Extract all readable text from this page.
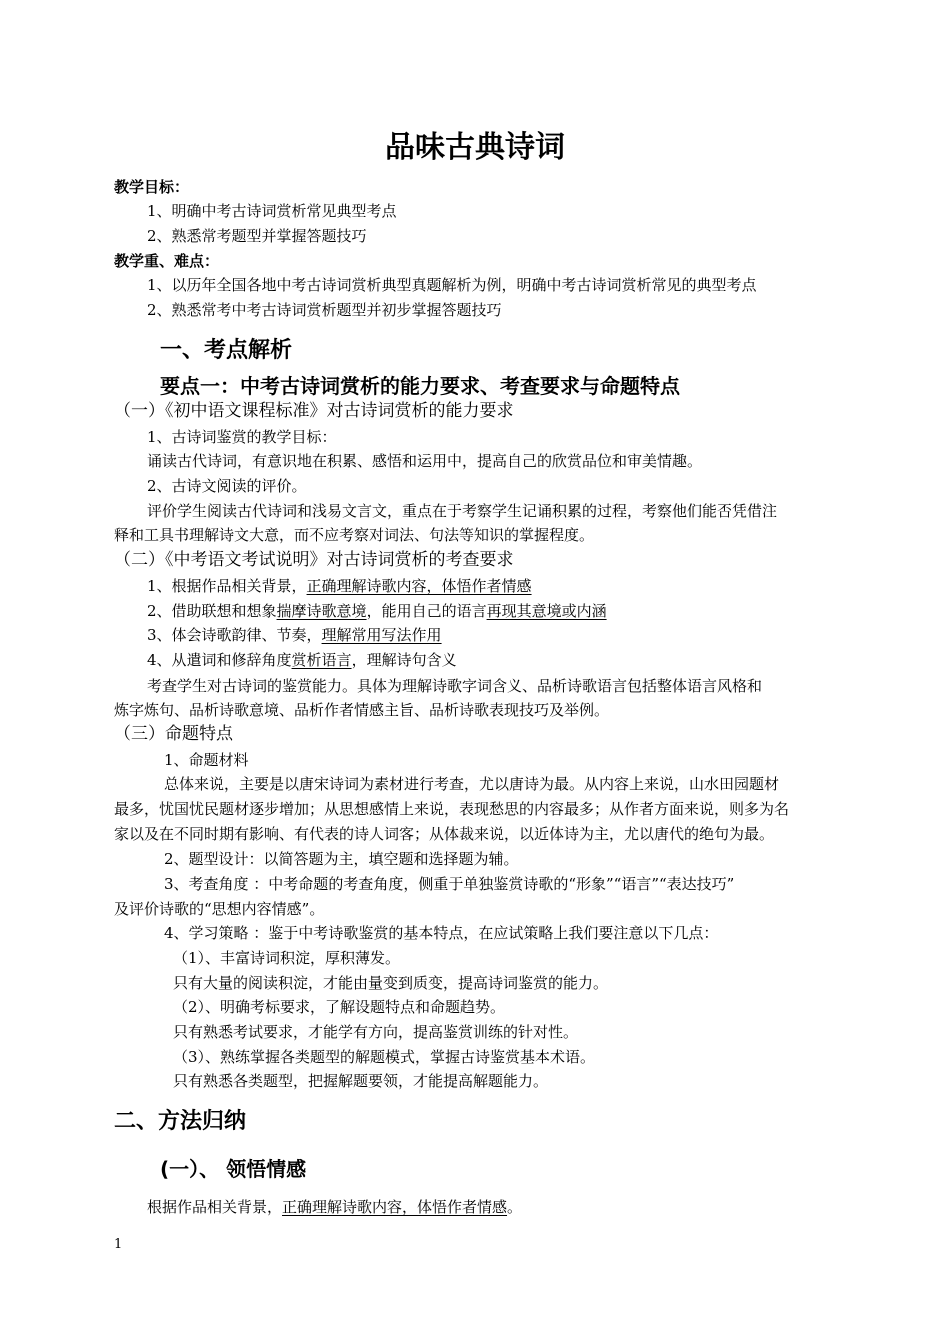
品味古典诗词
教学目标：
1、明确中考古诗词赏析常见典型考点
2、熟悉常考题型并掌握答题技巧
教学重、难点：
1、以历年全国各地中考古诗词赏析典型真题解析为例，明确中考古诗词赏析常见的典型考点
2、熟悉常考中考古诗词赏析题型并初步掌握答题技巧
一、考点解析
要点一：中考古诗词赏析的能力要求、考查要求与命题特点
（一）《初中语文课程标准》对古诗词赏析的能力要求
1、古诗词鉴赏的教学目标：
诵读古代诗词，有意识地在积累、感悟和运用中，提高自己的欣赏品位和审美情趣。
2、古诗文阅读的评价。
评价学生阅读古代诗词和浅易文言文，重点在于考察学生记诵积累的过程，考察他们能否凭借注
释和工具书理解诗文大意，而不应考察对词法、句法等知识的掌握程度。
（二）《中考语文考试说明》对古诗词赏析的考查要求
1、根据作品相关背景，正确理解诗歌内容，体悟作者情感
2、借助联想和想象揣摩诗歌意境，能用自己的语言再现其意境或内涵
3、体会诗歌韵律、节奏，理解常用写法作用
4、从遣词和修辞角度赏析语言，理解诗句含义
考查学生对古诗词的鉴赏能力。具体为理解诗歌字词含义、品析诗歌语言包括整体语言风格和
炼字炼句、品析诗歌意境、品析作者情感主旨、品析诗歌表现技巧及举例。
（三）命题特点
1、命题材料
总体来说，主要是以唐宋诗词为素材进行考查，尤以唐诗为最。从内容上来说，山水田园题材
最多，忧国忧民题材逐步增加；从思想感情上来说，表现愁思的内容最多；从作者方面来说，则多为名
家以及在不同时期有影响、有代表的诗人词客；从体裁来说，以近体诗为主，尤以唐代的绝句为最。
2、题型设计：以简答题为主，填空题和选择题为辅。
3、考查角度 ：中考命题的考查角度，侧重于单独鉴赏诗歌的“形象”“语言”“表达技巧”
及评价诗歌的“思想内容情感”。
4、学习策略 ：鉴于中考诗歌鉴赏的基本特点，在应试策略上我们要注意以下几点：
（1）、丰富诗词积淀，厚积薄发。
只有大量的阅读积淀，才能由量变到质变，提高诗词鉴赏的能力。
（2）、明确考标要求，了解设题特点和命题趋势。
只有熟悉考试要求，才能学有方向，提高鉴赏训练的针对性。
（3）、熟练掌握各类题型的解题模式，掌握古诗鉴赏基本术语。
只有熟悉各类题型，把握解题要领，才能提高解题能力。
二、方法归纳
(一）、 领悟情感
根据作品相关背景，正确理解诗歌内容，体悟作者情感。
1
